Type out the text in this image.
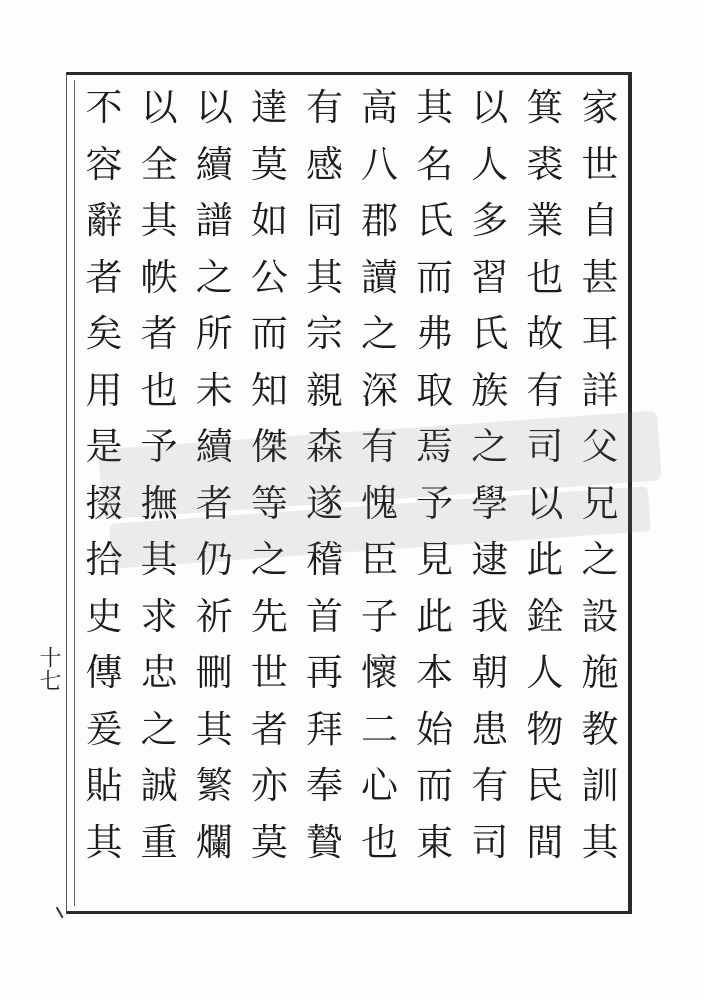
家
世
自
甚
耳
詳
父
兄
之
設
施
教
訓
其
箕
裘
業
也
故
有
司
以
此
銓
人
物
民
間
以
人
多
習
氏
族
之
學
逮
我
朝
患
有
司
其
名
氏
而
弗
取
焉
予
見
此
本
始
而
東
高
八
郡
讀
之
深
有
愧
臣
子
懷
二
心
也
有
感
同
其
宗
親
森
遂
稽
首
再
拜
奉
贄
達
莫
如
公
而
知
傑
等
之
先
世
者
亦
莫
以
續
譜
之
所
未
續
者
仍
祈
刪
其
繁
爛
以
全
其
帙
者
也
予
撫
其
求
忠
之
誠
重
不
容
辭
者
矣
用
是
掇
拾
史
傳
爰
貼
其
十七
